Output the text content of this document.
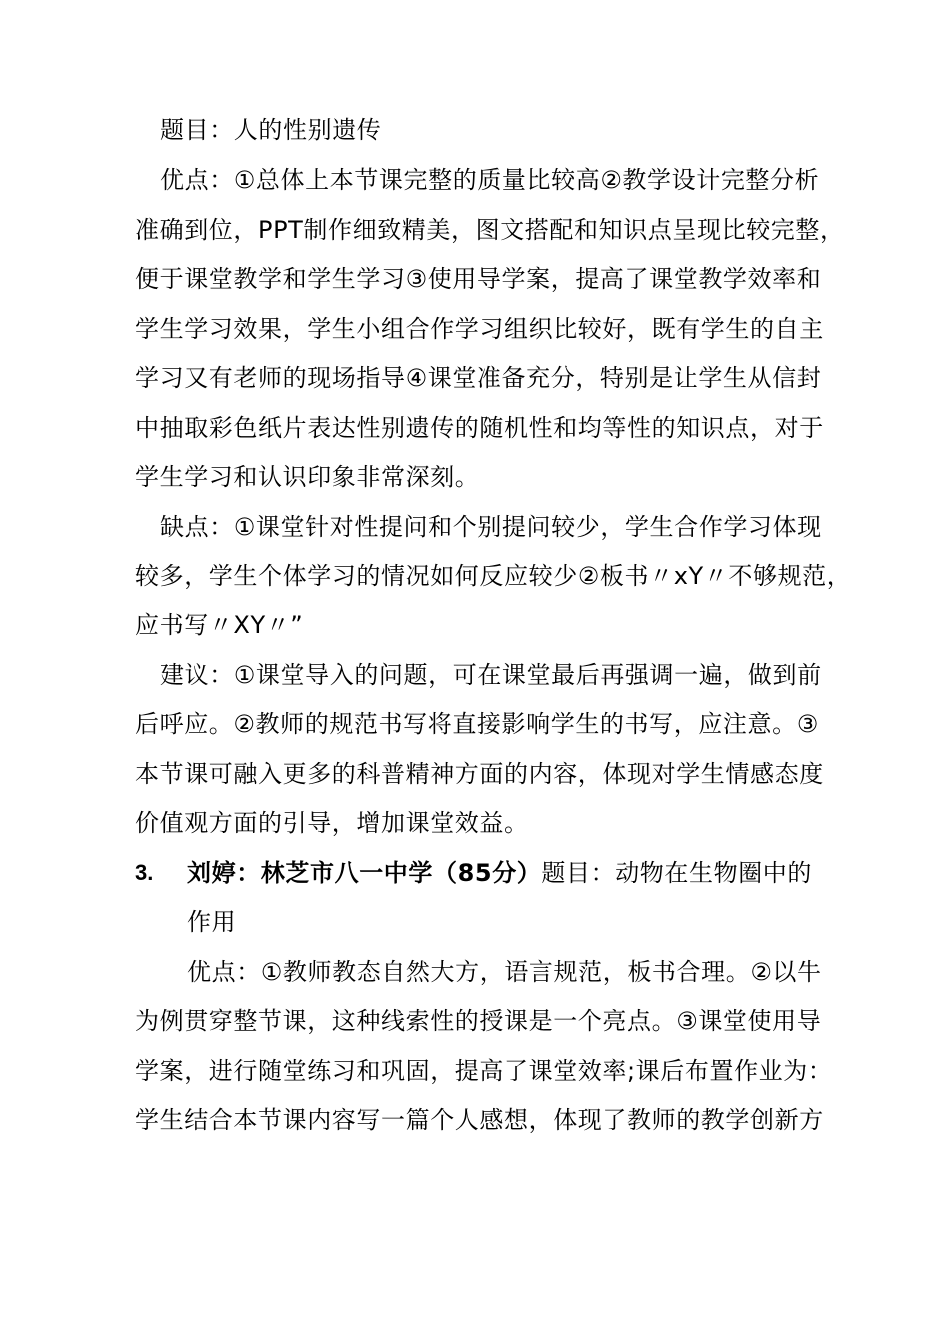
题目：人的性别遗传
优点：①总体上本节课完整的质量比较高②教学设计完整分析
准确到位，PPT制作细致精美，图文搭配和知识点呈现比较完整，
便于课堂教学和学生学习③使用导学案，提高了课堂教学效率和
学生学习效果，学生小组合作学习组织比较好，既有学生的自主
学习又有老师的现场指导④课堂准备充分，特别是让学生从信封
中抽取彩色纸片表达性别遗传的随机性和均等性的知识点，对于
学生学习和认识印象非常深刻。
缺点：①课堂针对性提问和个别提问较少，学生合作学习体现
较多，学生个体学习的情况如何反应较少②板书〃xY〃不够规范，
应书写〃XY〃”
建议：①课堂导入的问题，可在课堂最后再强调一遍，做到前
后呼应。②教师的规范书写将直接影响学生的书写，应注意。③
本节课可融入更多的科普精神方面的内容，体现对学生情感态度
价值观方面的引导，增加课堂效益。
3. 刘婷：林芝市八一中学（85分）题目：动物在生物圈中的
作用
优点：①教师教态自然大方，语言规范，板书合理。②以牛
为例贯穿整节课，这种线索性的授课是一个亮点。③课堂使用导
学案，进行随堂练习和巩固，提高了课堂效率;课后布置作业为：
学生结合本节课内容写一篇个人感想，体现了教师的教学创新方
